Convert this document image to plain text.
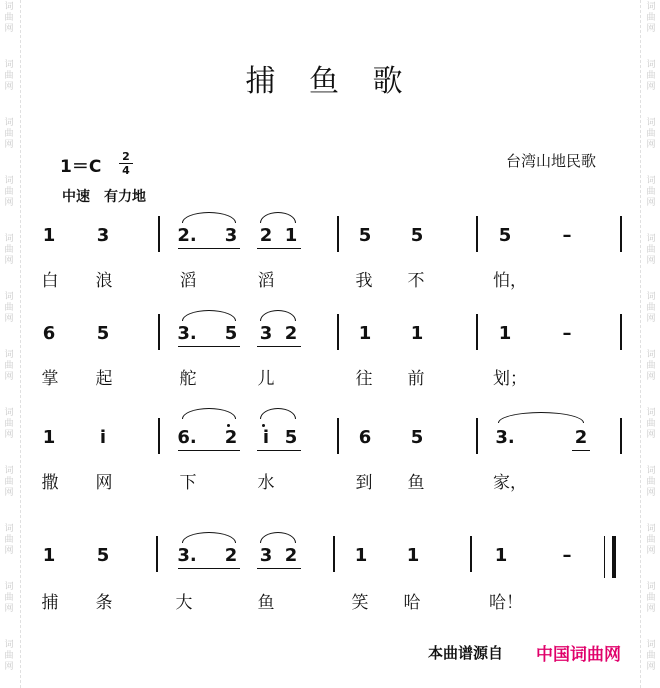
词
曲
网
词
曲
网
词
曲
网
词
曲
网
词
曲
网
词
曲
网
词
曲
网
词
曲
网
词
曲
网
词
曲
网
词
曲
网
词
曲
网
词
曲
网
词
曲
网
词
曲
网
词
曲
网
词
曲
网
词
曲
网
词
曲
网
词
曲
网
词
曲
网
词
曲
网
词
曲
网
词
曲
网
捕 鱼 歌
1＝C
2
4
中速　有力地
台湾山地民歌
1 3	2. 3 2 1	5 5	5	–
白 浪	滔	滔	我 不	怕，
6 5	3. 5 3 2	1 1	1	–
掌 起	舵	儿	往 前	划；
1	i	6. 2	i 5	6 5	3.	2
撒 网	下	水	到 鱼	家，
1 5	3. 2 3 2	1 1	1	–
捕 条	大	鱼	笑 哈	哈！
本曲谱源自 中国词曲网
